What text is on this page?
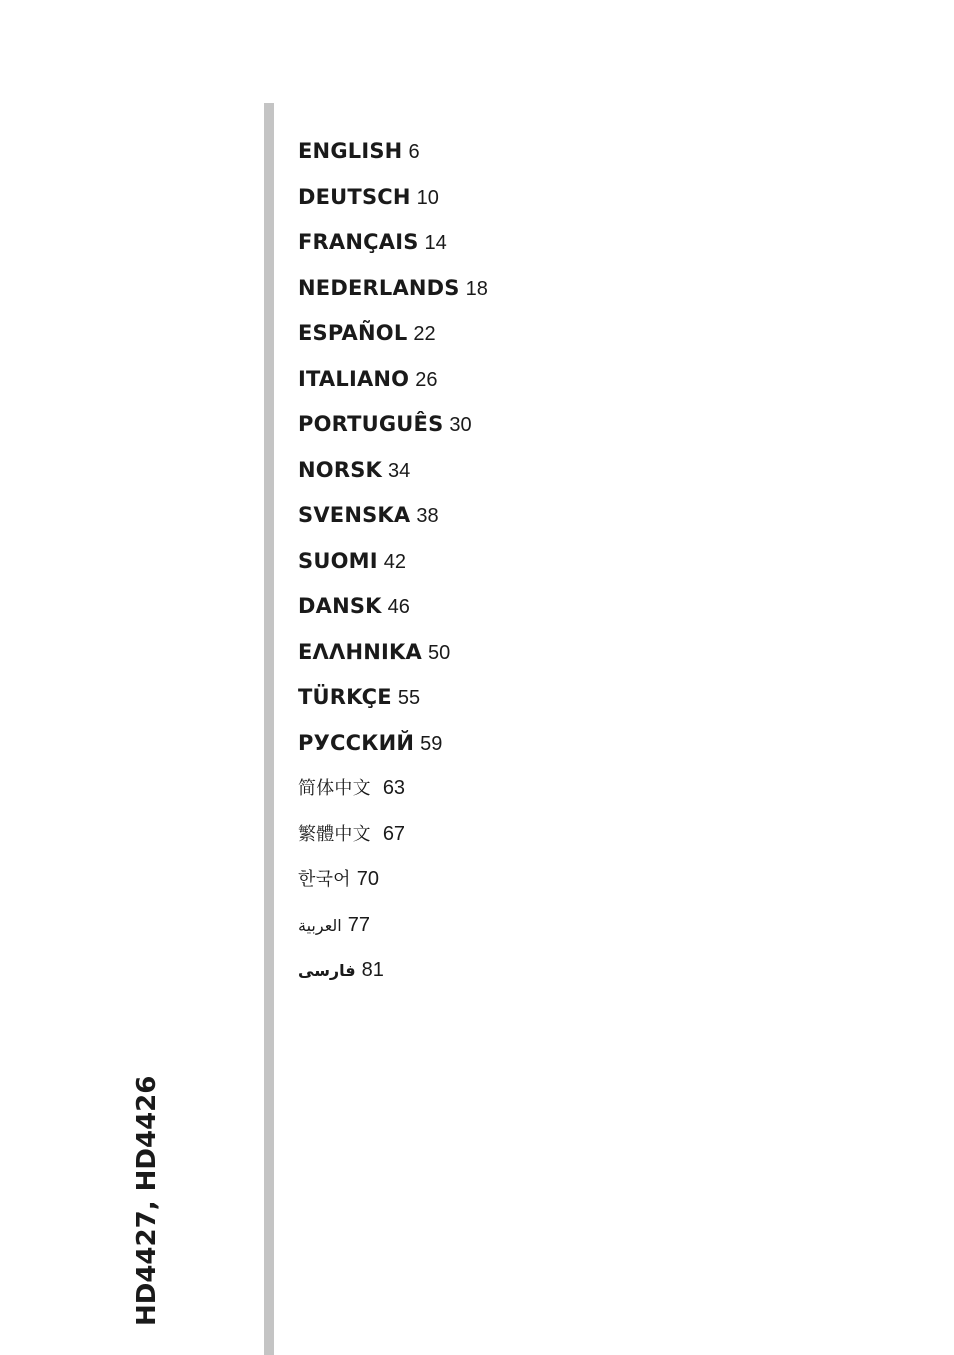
ENGLISH 6
DEUTSCH 10
FRANÇAIS 14
NEDERLANDS 18
ESPAÑOL 22
ITALIANO 26
PORTUGUÊS 30
NORSK 34
SVENSKA 38
SUOMI 42
DANSK 46
ΕΛΛΗΝΙΚΑ 50
TÜRKÇE 55
РУССКИЙ 59
简体中文 63
繁體中文 67
한국어 70
العربية 77
فارسی 81
HD4427, HD4426
